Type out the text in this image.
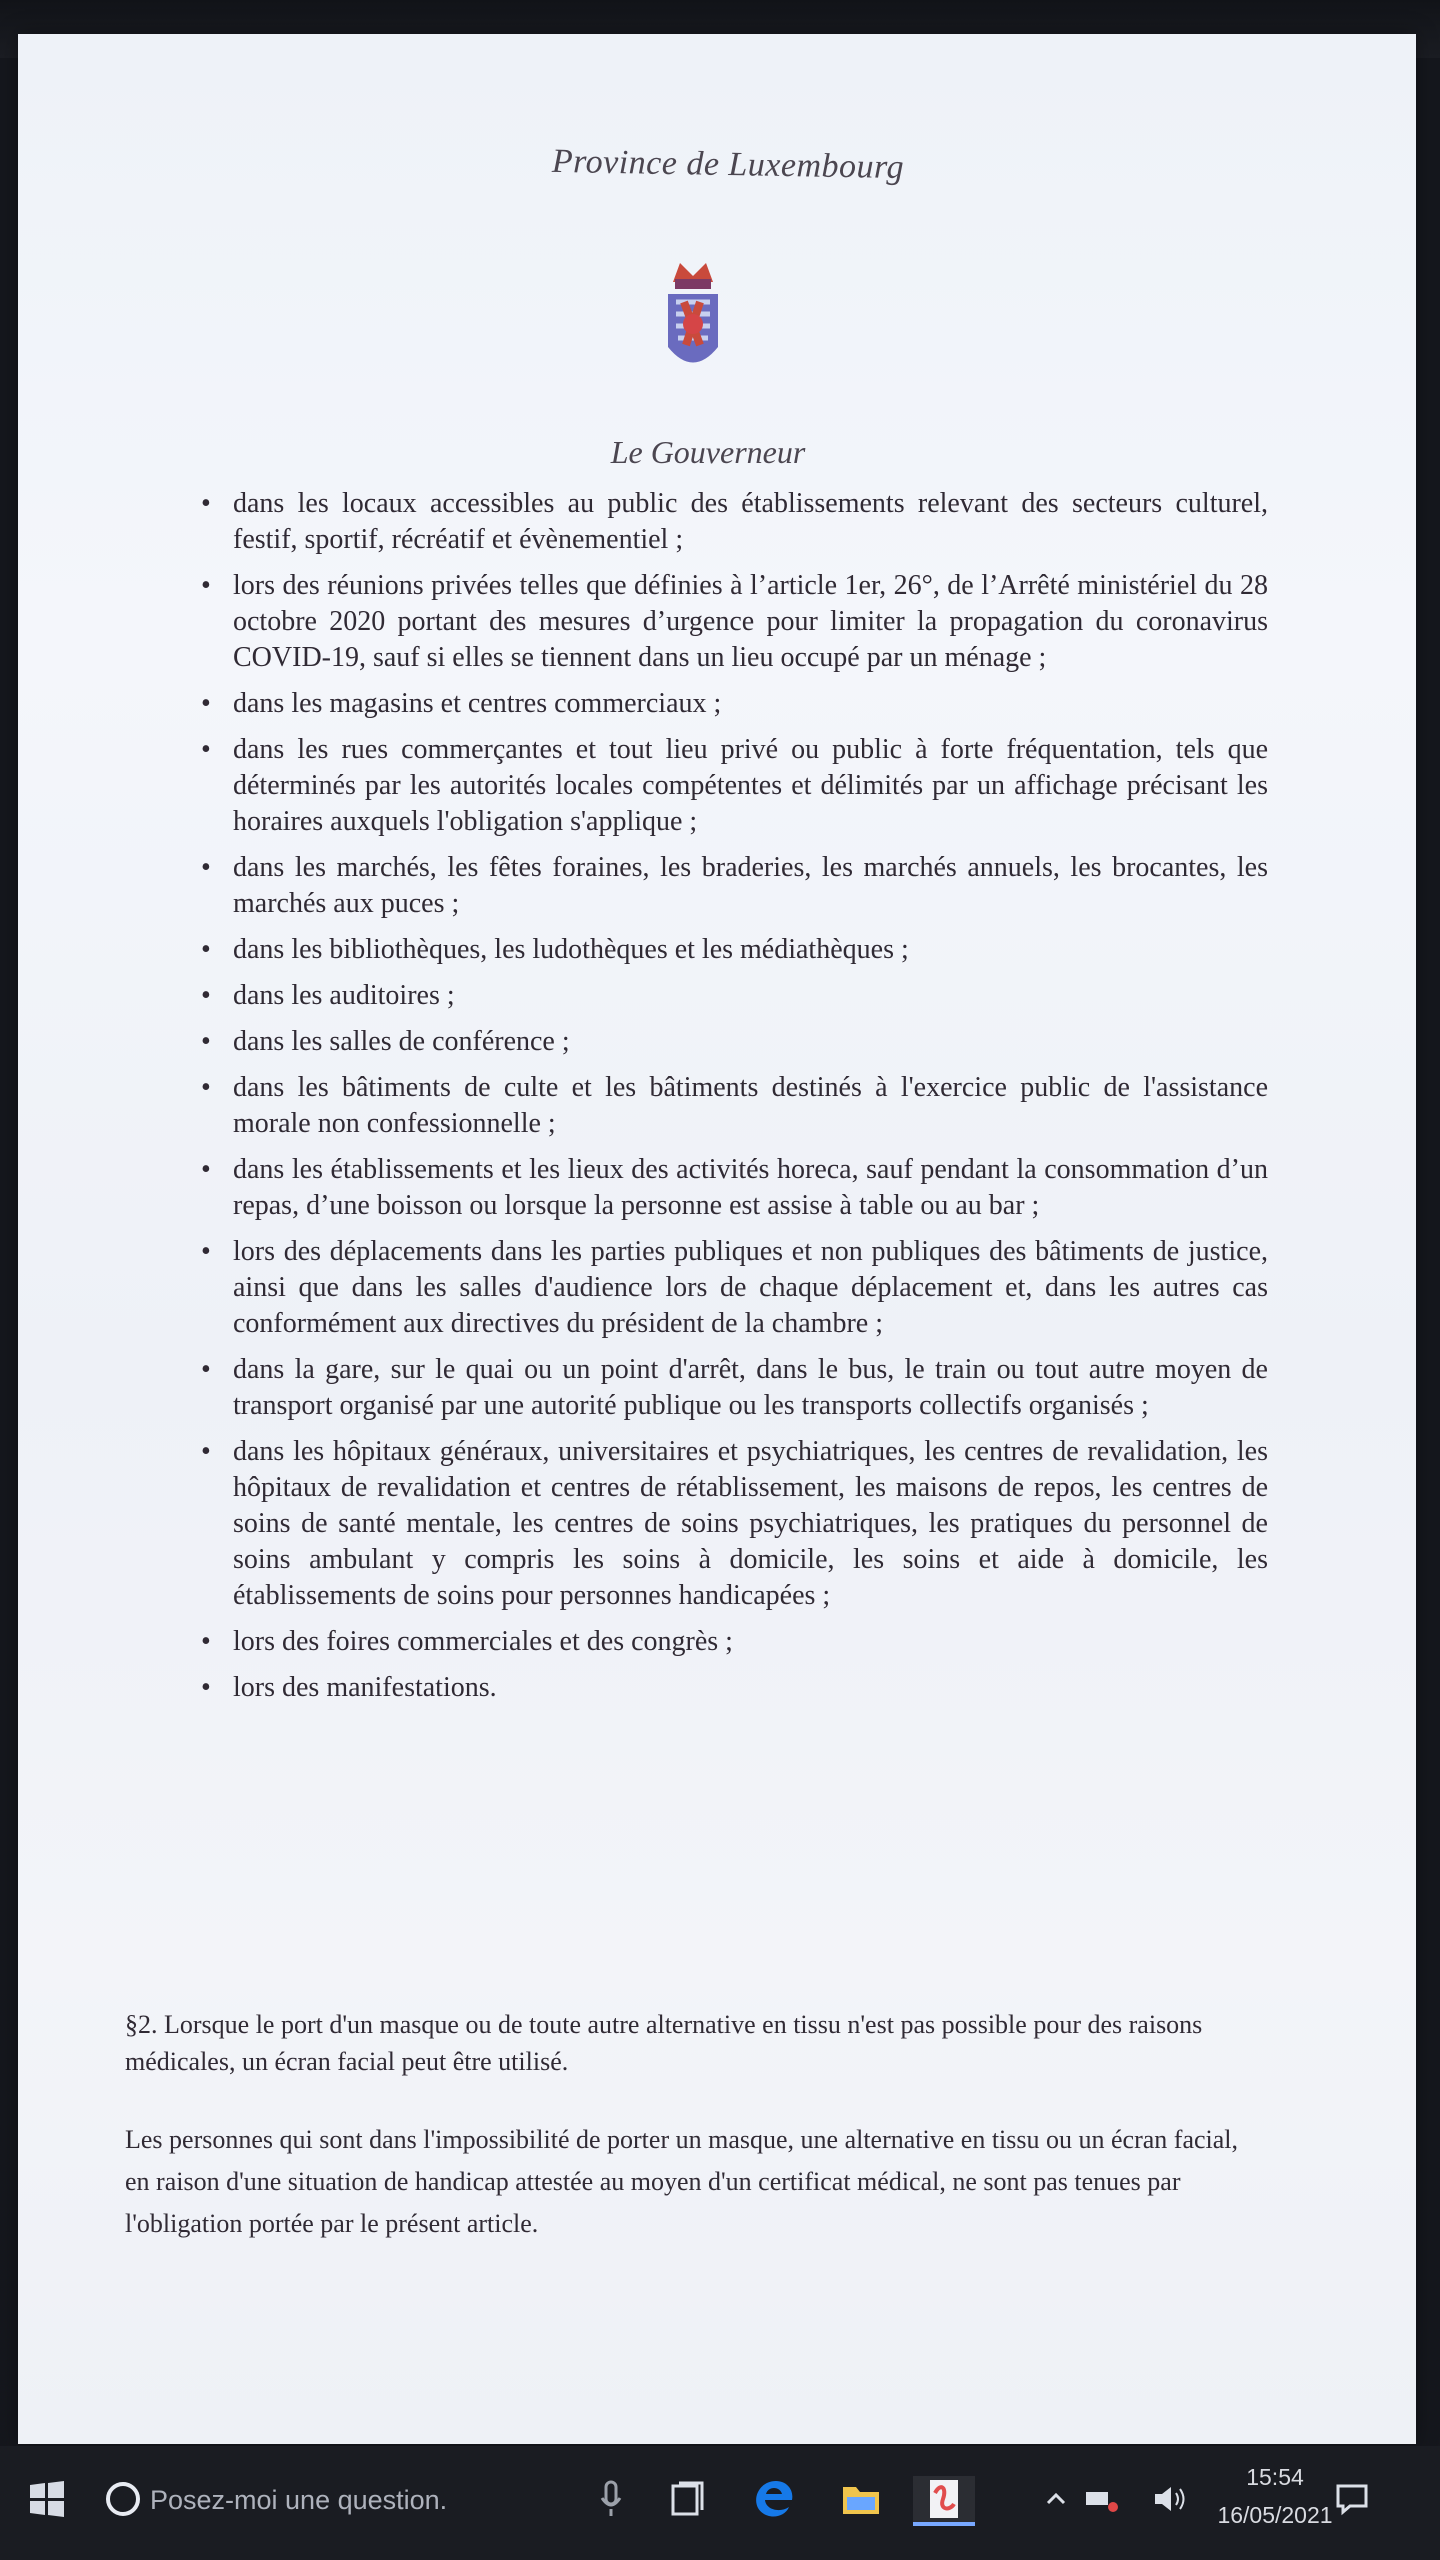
Province de Luxembourg
Le Gouverneur
• dans les locaux accessibles au public des établissements relevant des secteurs culturel, festif, sportif, récréatif et évènementiel ;
• lors des réunions privées telles que définies à l’article 1er, 26°, de l’Arrêté ministériel du 28 octobre 2020 portant des mesures d’urgence pour limiter la propagation du coronavirus COVID-19, sauf si elles se tiennent dans un lieu occupé par un ménage ;
• dans les magasins et centres commerciaux ;
• dans les rues commerçantes et tout lieu privé ou public à forte fréquentation, tels que déterminés par les autorités locales compétentes et délimités par un affichage précisant les horaires auxquels l'obligation s'applique ;
• dans les marchés, les fêtes foraines, les braderies, les marchés annuels, les brocantes, les marchés aux puces ;
• dans les bibliothèques, les ludothèques et les médiathèques ;
• dans les auditoires ;
• dans les salles de conférence ;
• dans les bâtiments de culte et les bâtiments destinés à l'exercice public de l'assistance morale non confessionnelle ;
• dans les établissements et les lieux des activités horeca, sauf pendant la consommation d’un repas, d’une boisson ou lorsque la personne est assise à table ou au bar ;
• lors des déplacements dans les parties publiques et non publiques des bâtiments de justice, ainsi que dans les salles d'audience lors de chaque déplacement et, dans les autres cas conformément aux directives du président de la chambre ;
• dans la gare, sur le quai ou un point d'arrêt, dans le bus, le train ou tout autre moyen de transport organisé par une autorité publique ou les transports collectifs organisés ;
• dans les hôpitaux généraux, universitaires et psychiatriques, les centres de revalidation, les hôpitaux de revalidation et centres de rétablissement, les maisons de repos, les centres de soins de santé mentale, les centres de soins psychiatriques, les pratiques du personnel de soins ambulant y compris les soins à domicile, les soins et aide à domicile, les établissements de soins pour personnes handicapées ;
• lors des foires commerciales et des congrès ;
• lors des manifestations.

§2. Lorsque le port d'un masque ou de toute autre alternative en tissu n'est pas possible pour des raisons médicales, un écran facial peut être utilisé.

Les personnes qui sont dans l'impossibilité de porter un masque, une alternative en tissu ou un écran facial, en raison d'une situation de handicap attestée au moyen d'un certificat médical, ne sont pas tenues par l'obligation portée par le présent article.

Posez-moi une question.
15:54
16/05/2021
